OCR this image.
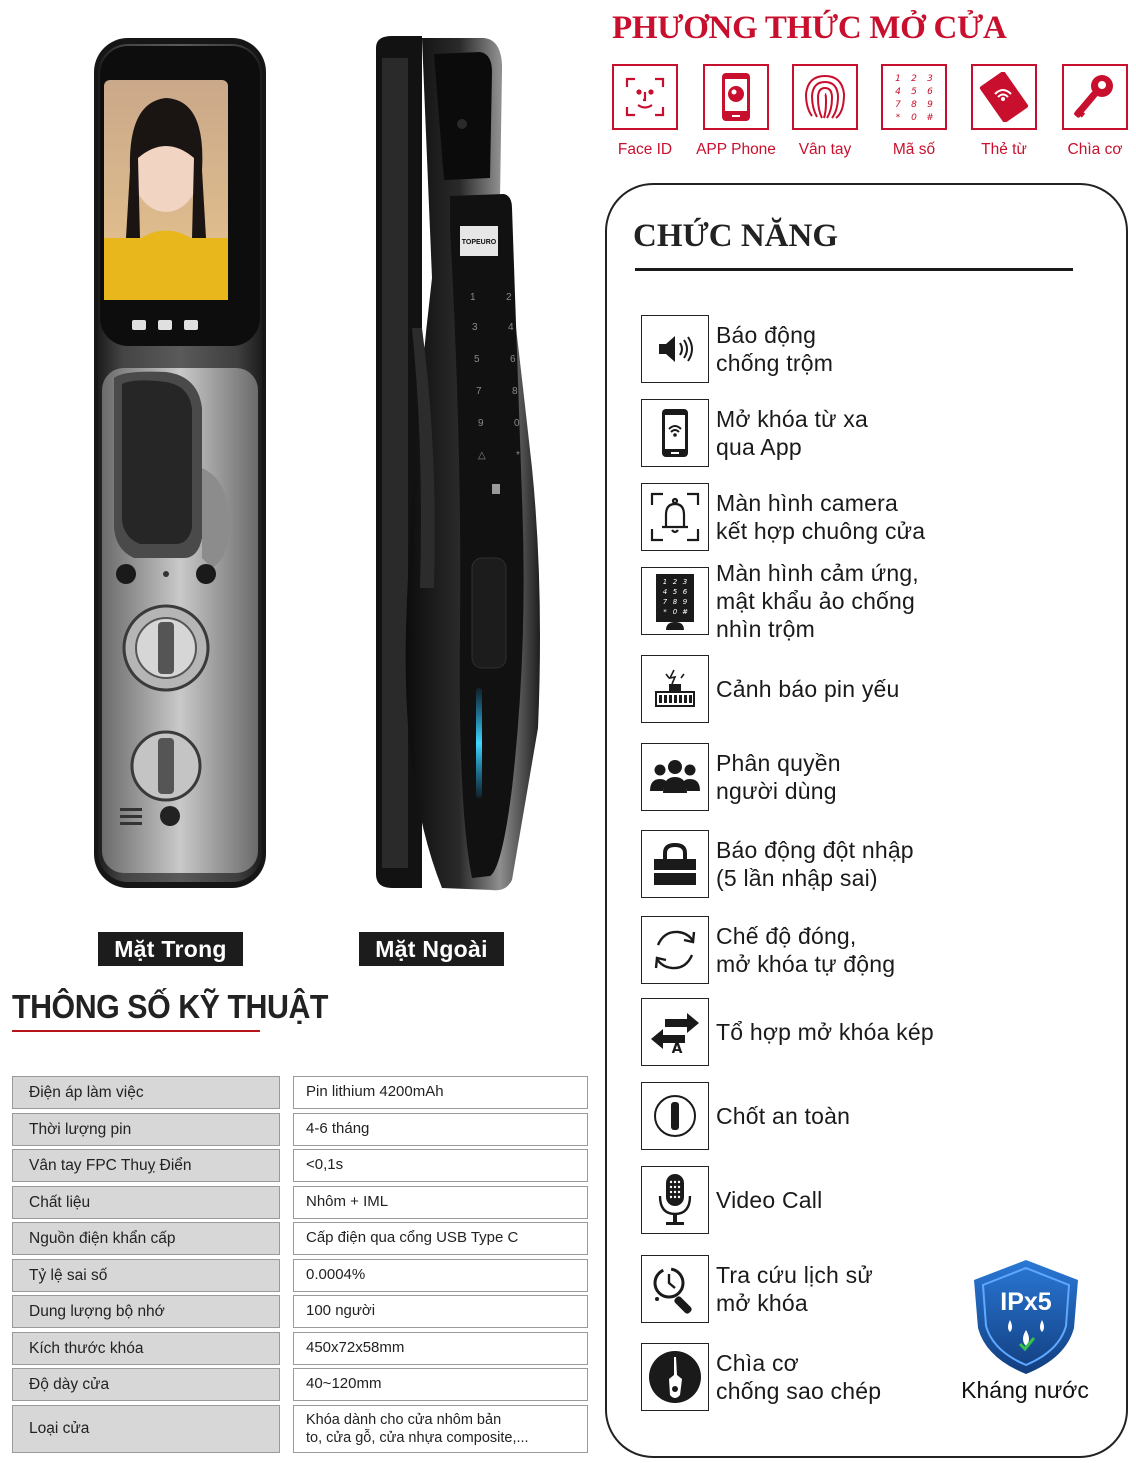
TOPEURO
1	2
3	4
5	6
7	8
9	0
△	*
Mặt Trong	Mặt Ngoài
THÔNG SỐ KỸ THUẬT
Điện áp làm việc	Pin lithium 4200mAh
Thời lượng pin	4-6 tháng
Vân tay FPC Thuỵ Điển	<0,1s
Chất liệu	Nhôm + IML
Nguồn điện khẩn cấp	Cấp điện qua cổng USB Type C
Tỷ lệ sai số	0.0004%
Dung lượng bộ nhớ	100 người
Kích thước khóa	450x72x58mm
Độ dày cửa	40~120mm
Loại cửa
Khóa dành cho cửa nhôm bản
to, cửa gỗ, cửa nhựa composite,...
PHƯƠNG THỨC MỞ CỬA
Face ID	APP Phone	Vân tay
1 2 3
4 5 6
7 8 9
* 0 #
Mã số	Thẻ từ	Chìa cơ
CHỨC NĂNG
Báo động
chống trộm
Mở khóa từ xa
qua App
Màn hình camera
kết hợp chuông cửa
1 2 3
4 5 6
7 8 9
* 0 #
Màn hình cảm ứng,
mật khẩu ảo chống
nhìn trộm
Cảnh báo pin yếu
Phân quyền
người dùng
Báo động đột nhập
(5 lần nhập sai)
Chế độ đóng,
mở khóa tự động
A
Tổ hợp mở khóa kép
Chốt an toàn
Video Call
Tra cứu lịch sử
mở khóa
Chìa cơ
chống sao chép
IPx5
Kháng nước
